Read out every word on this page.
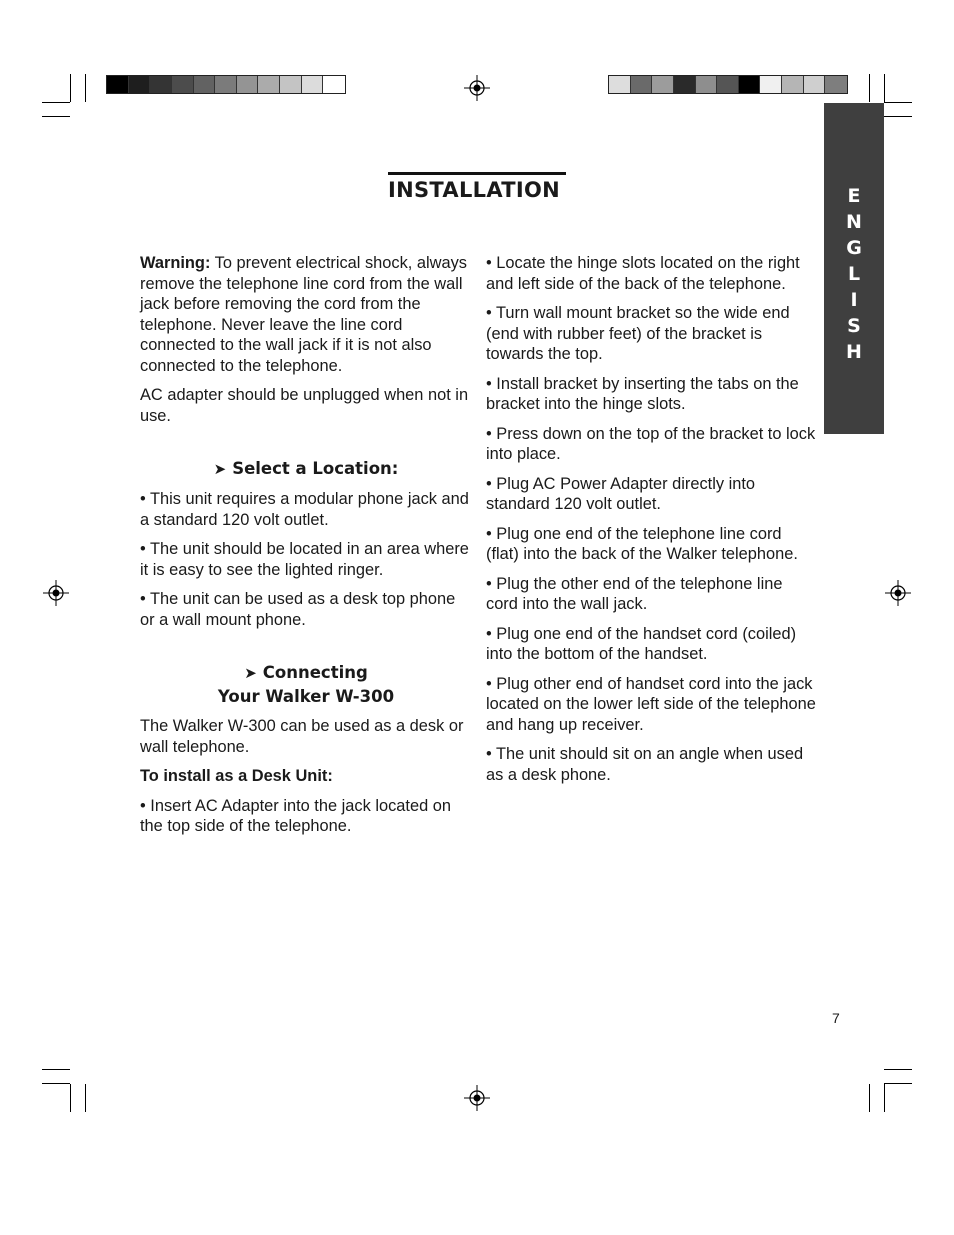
E
N
G
L
I
S
H
INSTALLATION

Warning: To prevent electrical shock, always remove the telephone line cord from the wall jack before removing the cord from the telephone. Never leave the line cord connected to the wall jack if it is not also connected to the telephone.

AC adapter should be unplugged when not in use.

➤ Select a Location:

• This unit requires a modular phone jack and a standard 120 volt outlet.

• The unit should be located in an area where it is easy to see the lighted ringer.

• The unit can be used as a desk top phone or a wall mount phone.

➤ Connecting
Your Walker W-300

The Walker W-300 can be used as a desk or wall telephone.

To install as a Desk Unit:

• Insert AC Adapter into the jack located on the top side of the telephone.

• Locate the hinge slots located on the right and left side of the back of the telephone.

• Turn wall mount bracket so the wide end (end with rubber feet) of the bracket is towards the top.

• Install bracket by inserting the tabs on the bracket into the hinge slots.

• Press down on the top of the bracket to lock into place.

• Plug AC Power Adapter directly into standard 120 volt outlet.

• Plug one end of the telephone line cord (flat) into the back of the Walker telephone.

• Plug the other end of the telephone line cord into the wall jack.

• Plug one end of the handset cord (coiled) into the bottom of the handset.

• Plug other end of handset cord into the jack located on the lower left side of the telephone and hang up receiver.

• The unit should sit on an angle when used as a desk phone.

7
